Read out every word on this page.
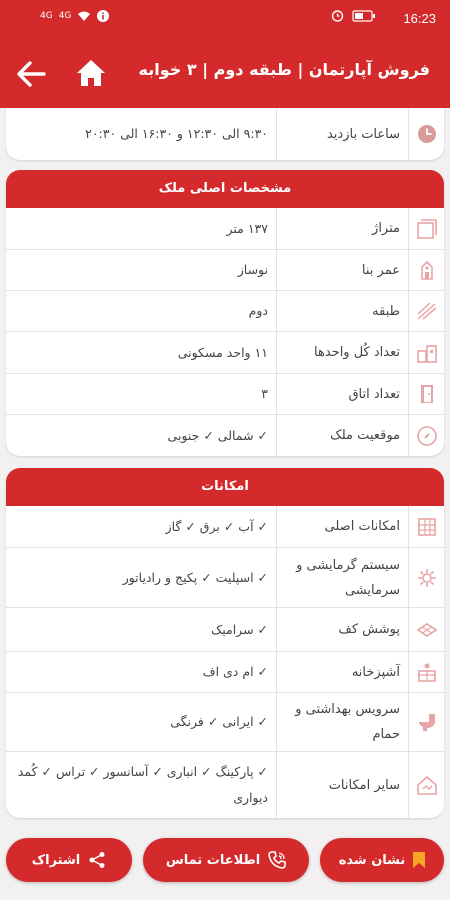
4G 4G	16:23
فروش آپارتمان | طبقه دوم | ۳ خوابه
ساعات بازدید
۹:۳۰ الی ۱۲:۳۰ و ۱۶:۳۰ الی ۲۰:۳۰
مشخصات اصلی ملک
متراژ
۱۳۷ متر
عمر بنا
نوساز
طبقه
دوم
تعداد کُل واحدها
۱۱ واحد مسکونی
تعداد اتاق
۳
موقعیت ملک
✓ شمالی ✓ جنوبی
امکانات
امکانات اصلی
✓ آب ✓ برق ✓ گاز
سیستم گرمایشی و سرمایشی
✓ اسپلیت ✓ پکیج و رادیاتور
پوشش کف
✓ سرامیک
آشپزخانه
✓ ام دی اف
سرویس بهداشتی و حمام
✓ ایرانی ✓ فرنگی
سایر امکانات
✓ پارکینگ ✓ انباری ✓ آسانسور ✓ تراس ✓ کُمد دیواری
نشان شده
اطلاعات تماس
اشتراک
